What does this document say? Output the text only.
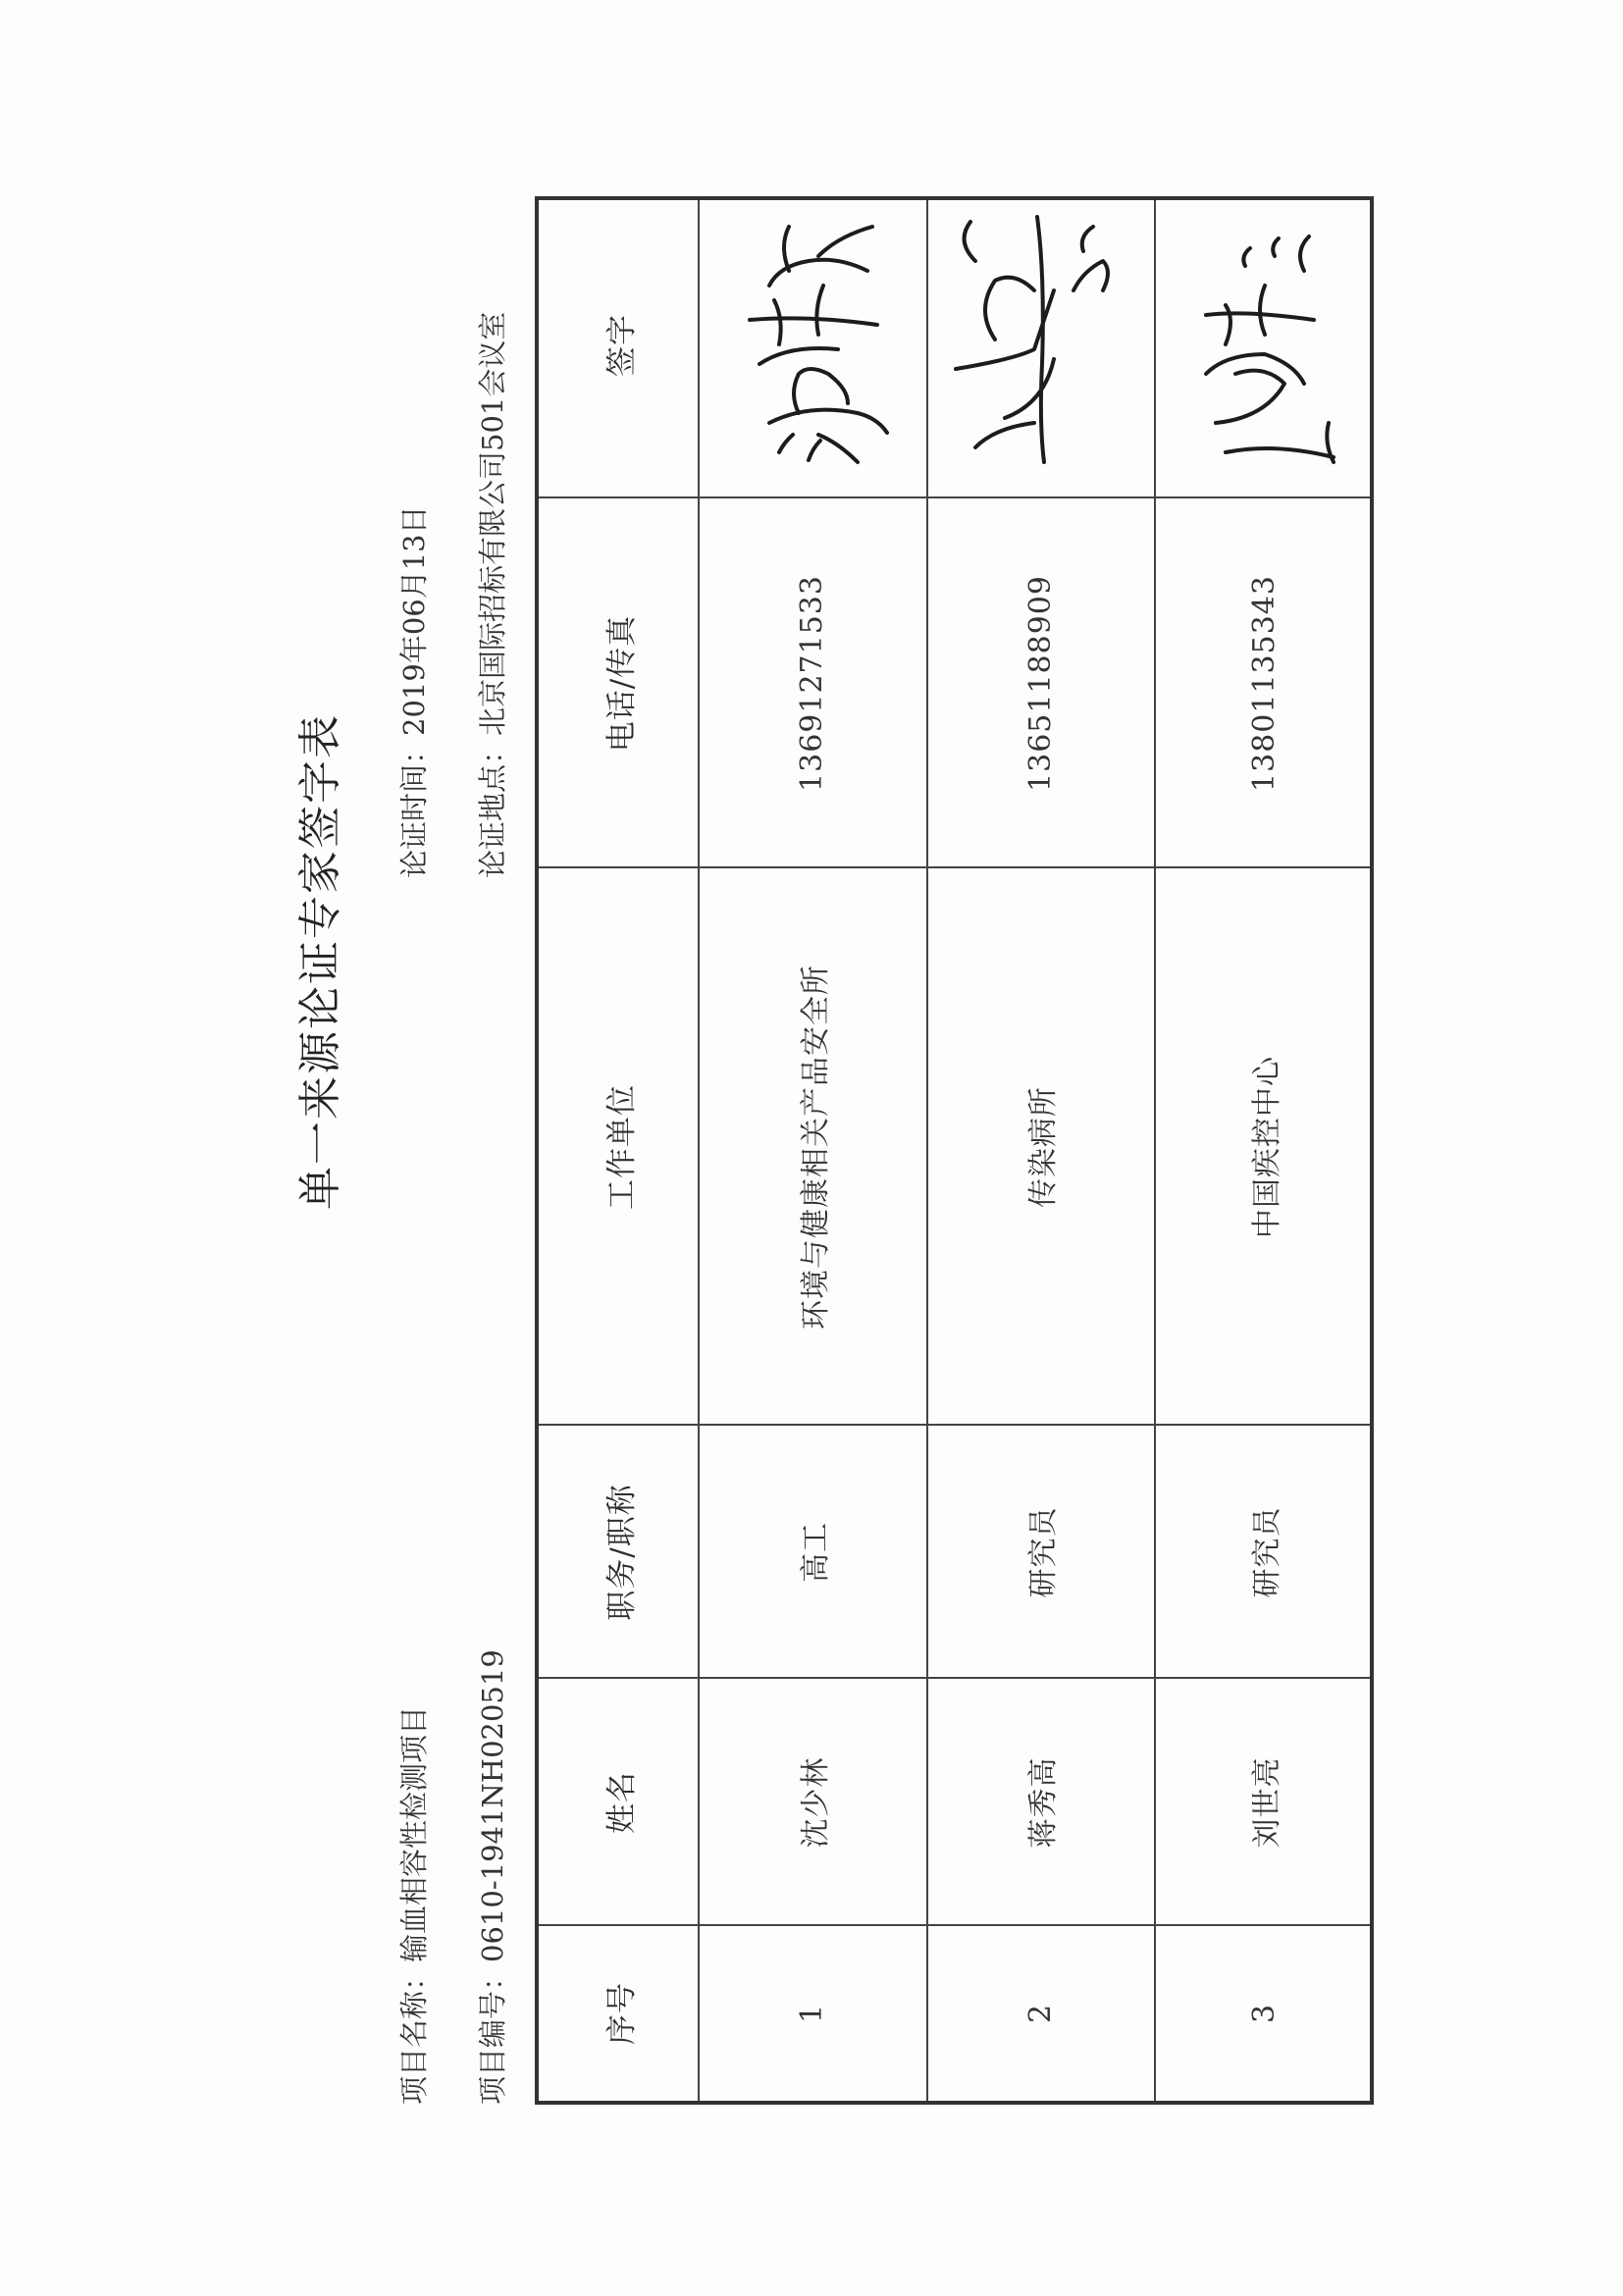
单一来源论证专家签字表
项目名称：输血相容性检测项目
项目编号：0610-1941NH020519
论证时间：2019年06月13日
论证地点：北京国际招标有限公司501会议室
序号
姓名
职务/职称
工作单位
电话/传真
签字
1
沈少林
高工
环境与健康相关产品安全所
13691271533
2
蒋秀高
研究员
传染病所
13651188909
3
刘世亮
研究员
中国疾控中心
13801135343
